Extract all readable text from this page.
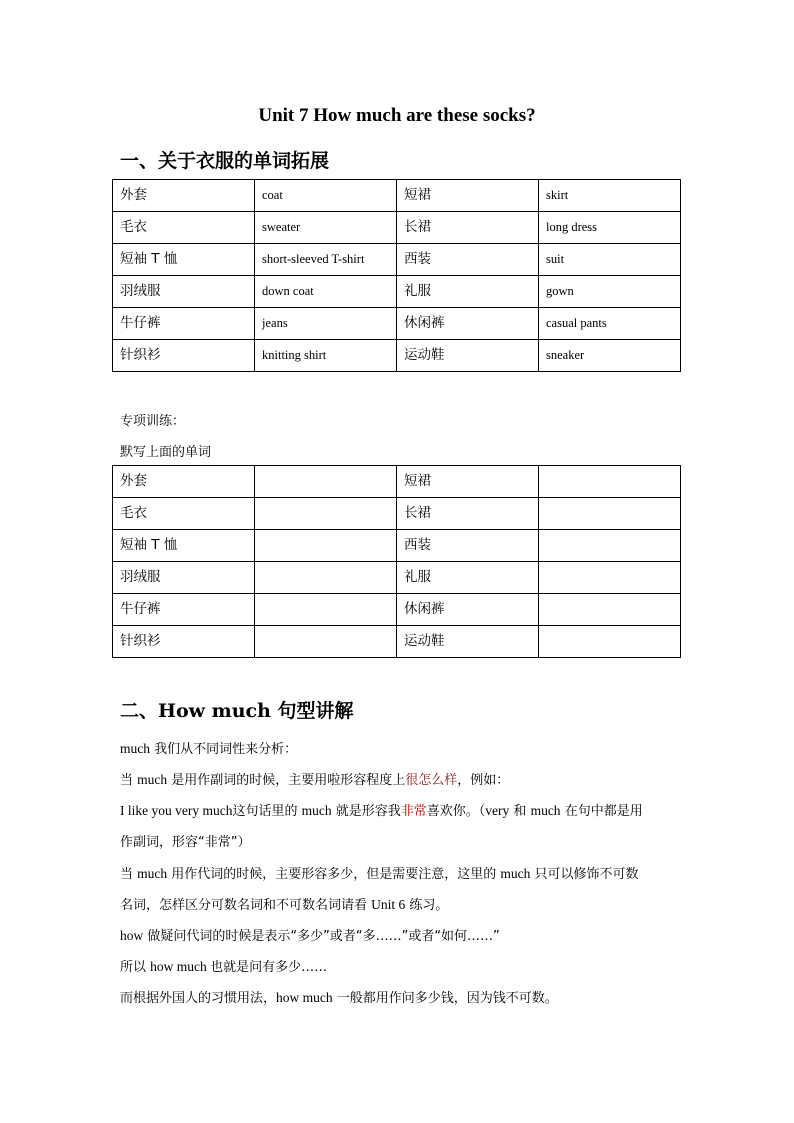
Unit 7 How much are these socks?
一、关于衣服的单词拓展
外套	coat	短裙	skirt
毛衣	sweater	长裙	long dress
短袖 T 恤	short-sleeved T-shirt	西装	suit
羽绒服	down coat	礼服	gown
牛仔裤	jeans	休闲裤	casual pants
针织衫	knitting shirt	运动鞋	sneaker

专项训练：

默写上面的单词

外套		短裙	
毛衣		长裙	
短袖 T 恤		西装	
羽绒服		礼服	
牛仔裤		休闲裤	
针织衫		运动鞋	
二、How much 句型讲解

much 我们从不同词性来分析：

当 much 是用作副词的时候，主要用啦形容程度上很怎么样，例如：

I like you very much这句话里的 much 就是形容我非常喜欢你。（very 和 much 在句中都是用

作副词，形容“非常”）

当 much 用作代词的时候，主要形容多少，但是需要注意，这里的 much 只可以修饰不可数

名词，怎样区分可数名词和不可数名词请看 Unit 6 练习。

how 做疑问代词的时候是表示“多少”或者“多……”或者“如何……”

所以 how much 也就是问有多少……

而根据外国人的习惯用法，how much 一般都用作问多少钱，因为钱不可数。
